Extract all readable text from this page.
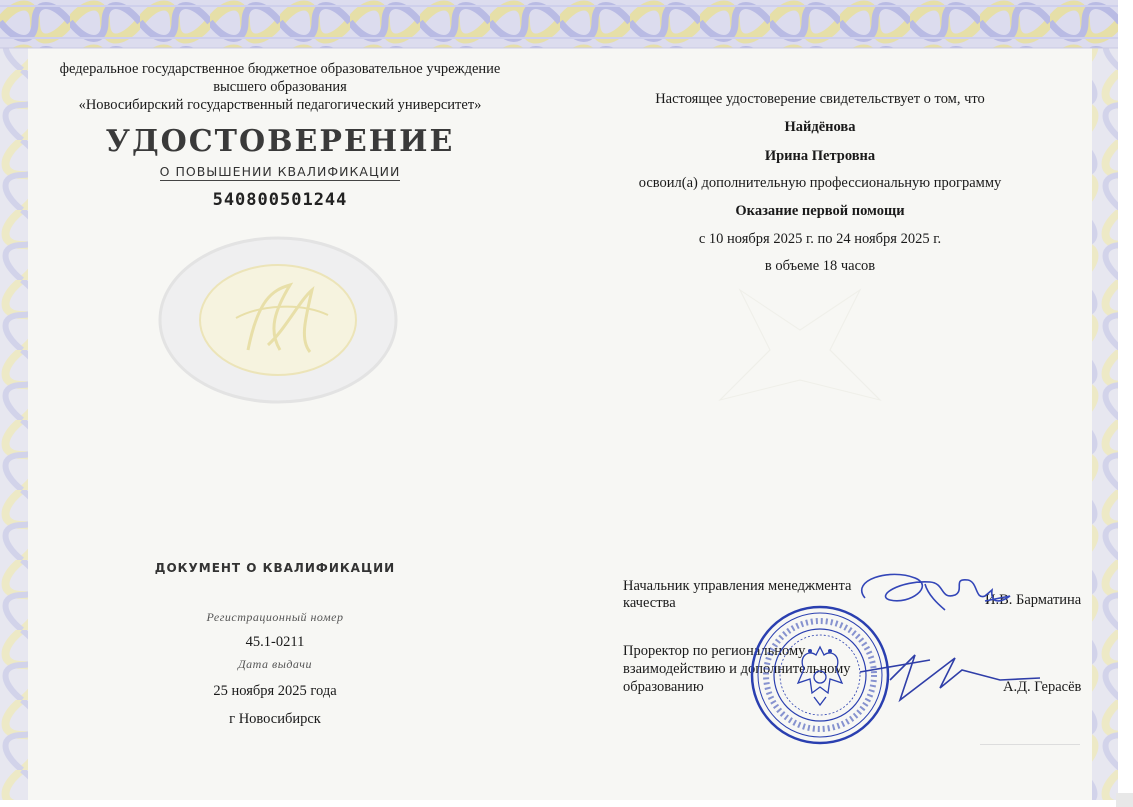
федеральное государственное бюджетное образовательное учреждение
высшего образования
«Новосибирский государственный педагогический университет»
УДОСТОВЕРЕНИЕ
О ПОВЫШЕНИИ КВАЛИФИКАЦИИ
540800501244
ДОКУМЕНТ О КВАЛИФИКАЦИИ
Регистрационный номер
45.1-0211
Дата выдачи
25 ноября 2025 года
г Новосибирск
Настоящее удостоверение свидетельствует о том, что
Найдёнова
Ирина Петровна
освоил(а) дополнительную профессиональную программу
Оказание первой помощи
с 10 ноября 2025 г. по 24 ноября 2025 г.
в объеме 18 часов
Начальник управления менеджмента
качества	И.В. Барматина
Проректор по региональному
взаимодействию и дополнительному
образованию	А.Д. Герасёв
